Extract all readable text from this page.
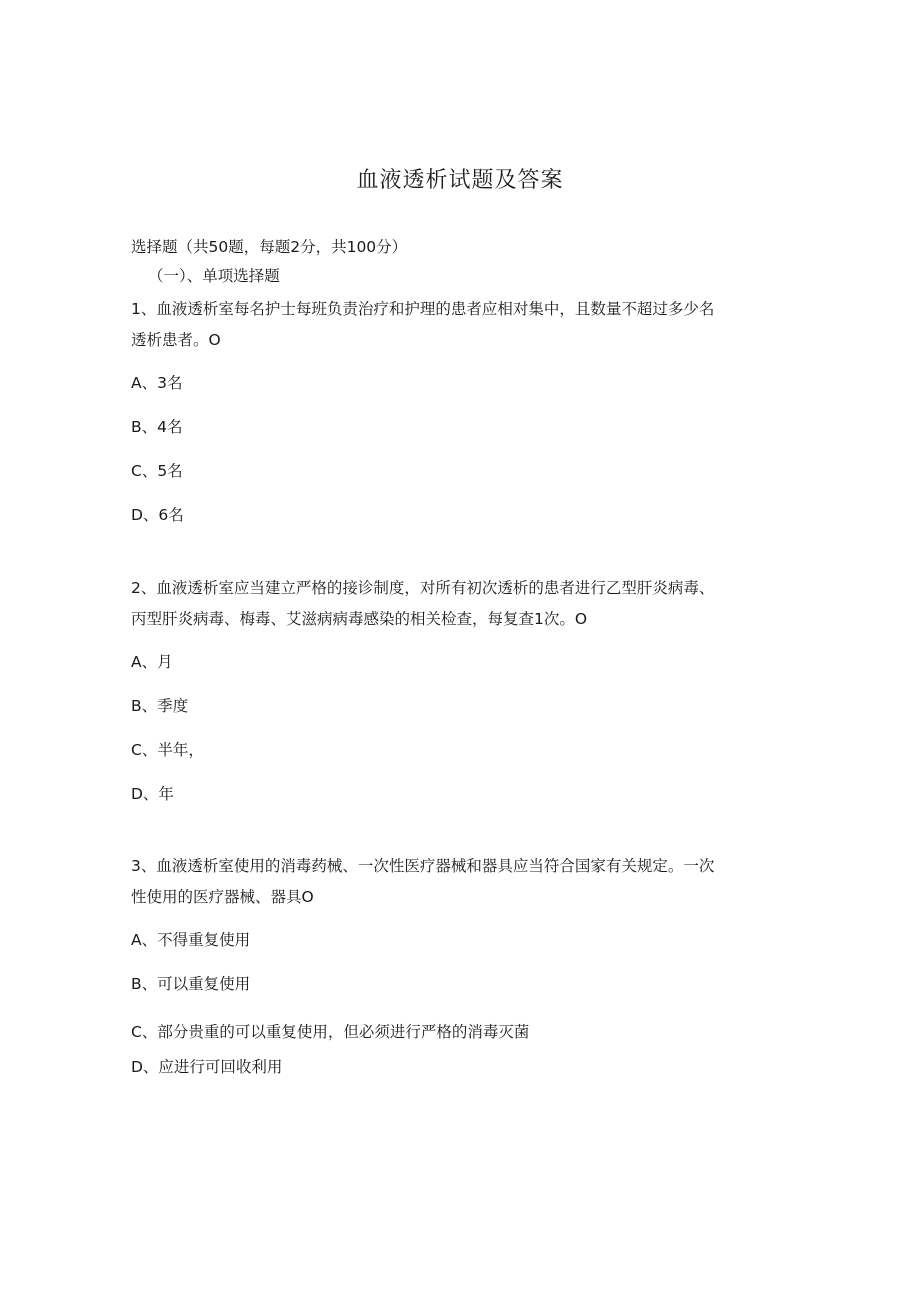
血液透析试题及答案
选择题（共50题，每题2分，共100分）
（一）、单项选择题
1、血液透析室每名护士每班负责治疗和护理的患者应相对集中，且数量不超过多少名
透析患者。O
A、3名
B、4名
C、5名
D、6名
2、血液透析室应当建立严格的接诊制度，对所有初次透析的患者进行乙型肝炎病毒、
丙型肝炎病毒、梅毒、艾滋病病毒感染的相关检查，每复查1次。O
A、月
B、季度
C、半年，
D、年
3、血液透析室使用的消毒药械、一次性医疗器械和器具应当符合国家有关规定。一次
性使用的医疗器械、器具O
A、不得重复使用
B、可以重复使用
C、部分贵重的可以重复使用，但必须进行严格的消毒灭菌
D、应进行可回收利用
